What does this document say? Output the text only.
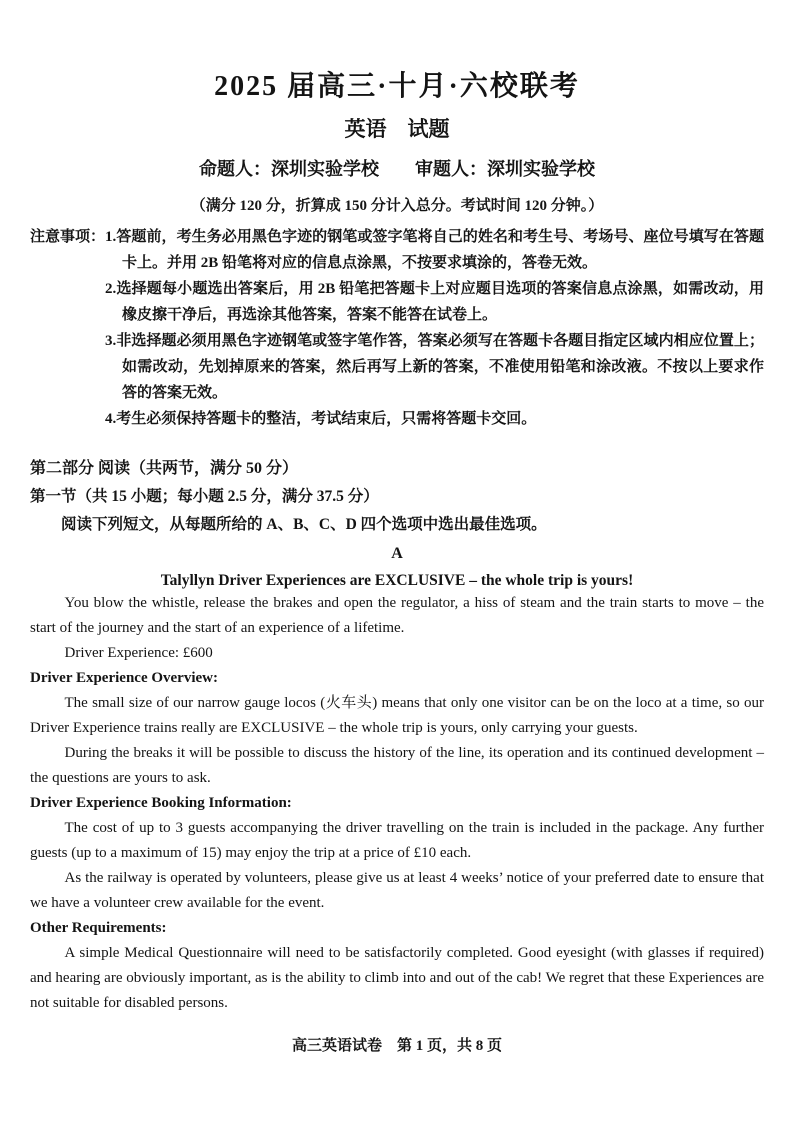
2025 届高三·十月·六校联考
英语　试题
命题人：深圳实验学校　　审题人：深圳实验学校
（满分 120 分，折算成 150 分计入总分。考试时间 120 分钟。）
注意事项： 1.答题前，考生务必用黑色字迹的钢笔或签字笔将自己的姓名和考生号、考场号、座位号填写在答题卡上。并用 2B 铅笔将对应的信息点涂黑，不按要求填涂的，答卷无效。
2.选择题每小题选出答案后，用 2B 铅笔把答题卡上对应题目选项的答案信息点涂黑，如需改动，用橡皮擦干净后，再选涂其他答案，答案不能答在试卷上。
3.非选择题必须用黑色字迹钢笔或签字笔作答，答案必须写在答题卡各题目指定区域内相应位置上；如需改动，先划掉原来的答案，然后再写上新的答案，不准使用铅笔和涂改液。不按以上要求作答的答案无效。
4.考生必须保持答题卡的整洁，考试结束后，只需将答题卡交回。
第二部分 阅读（共两节，满分 50 分）
第一节（共 15 小题；每小题 2.5 分，满分 37.5 分）
阅读下列短文，从每题所给的 A、B、C、D 四个选项中选出最佳选项。
A
Talyllyn Driver Experiences are EXCLUSIVE – the whole trip is yours!
You blow the whistle, release the brakes and open the regulator, a hiss of steam and the train starts to move – the start of the journey and the start of an experience of a lifetime.
Driver Experience: £600
Driver Experience Overview:
The small size of our narrow gauge locos (火车头) means that only one visitor can be on the loco at a time, so our Driver Experience trains really are EXCLUSIVE – the whole trip is yours, only carrying your guests.
During the breaks it will be possible to discuss the history of the line, its operation and its continued development – the questions are yours to ask.
Driver Experience Booking Information:
The cost of up to 3 guests accompanying the driver travelling on the train is included in the package. Any further guests (up to a maximum of 15) may enjoy the trip at a price of £10 each.
As the railway is operated by volunteers, please give us at least 4 weeks’ notice of your preferred date to ensure that we have a volunteer crew available for the event.
Other Requirements:
A simple Medical Questionnaire will need to be satisfactorily completed. Good eyesight (with glasses if required) and hearing are obviously important, as is the ability to climb into and out of the cab! We regret that these Experiences are not suitable for disabled persons.
高三英语试卷　第 1 页，共 8 页
